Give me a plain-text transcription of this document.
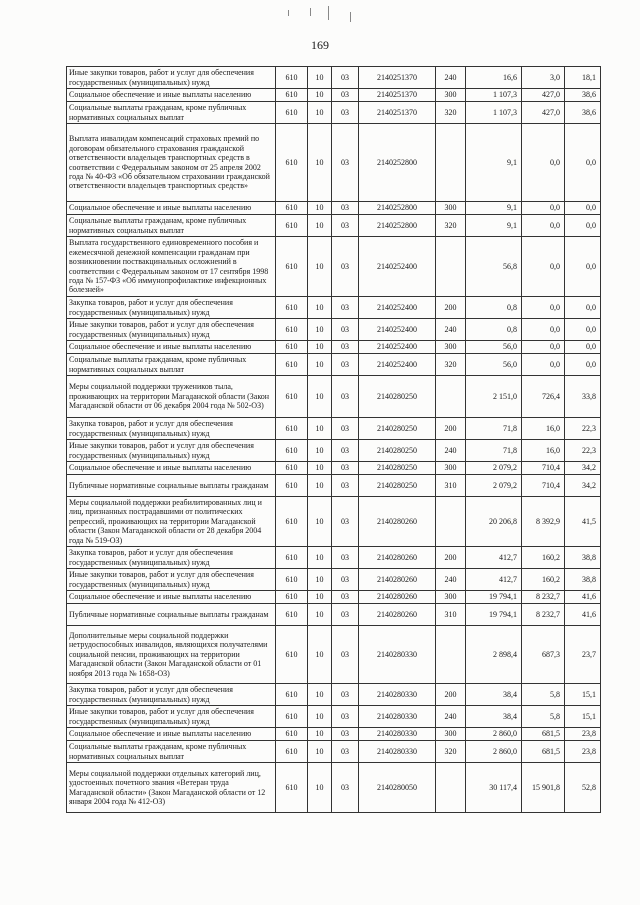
169
Иные закупки товаров, работ и услуг для обеспечения государственных (муниципальных) нужд	610	10	03	2140251370	240	16,6	3,0	18,1
Социальное обеспечение и иные выплаты населению	610	10	03	2140251370	300	1 107,3	427,0	38,6
Социальные выплаты гражданам, кроме публичных нормативных социальных выплат	610	10	03	2140251370	320	1 107,3	427,0	38,6
Выплата инвалидам компенсаций страховых премий по договорам обязательного страхования гражданской ответственности владельцев транспортных средств в соответствии с Федеральным законом от 25 апреля 2002 года № 40-ФЗ «Об обязательном страховании гражданской ответственности владельцев транспортных средств»	610	10	03	2140252800		9,1	0,0	0,0
Социальное обеспечение и иные выплаты населению	610	10	03	2140252800	300	9,1	0,0	0,0
Социальные выплаты гражданам, кроме публичных нормативных социальных выплат	610	10	03	2140252800	320	9,1	0,0	0,0
Выплата государственного единовременного пособия и ежемесячной денежной компенсации гражданам при возникновении поствакцинальных осложнений в соответствии с Федеральным законом от 17 сентября 1998 года № 157-ФЗ «Об иммунопрофилактике инфекционных болезней»	610	10	03	2140252400		56,8	0,0	0,0
Закупка товаров, работ и услуг для обеспечения государственных (муниципальных) нужд	610	10	03	2140252400	200	0,8	0,0	0,0
Иные закупки товаров, работ и услуг для обеспечения государственных (муниципальных) нужд	610	10	03	2140252400	240	0,8	0,0	0,0
Социальное обеспечение и иные выплаты населению	610	10	03	2140252400	300	56,0	0,0	0,0
Социальные выплаты гражданам, кроме публичных нормативных социальных выплат	610	10	03	2140252400	320	56,0	0,0	0,0
Меры социальной поддержки тружеников тыла, проживающих на территории Магаданской области (Закон Магаданской области от 06 декабря 2004 года № 502-ОЗ)	610	10	03	2140280250		2 151,0	726,4	33,8
Закупка товаров, работ и услуг для обеспечения государственных (муниципальных) нужд	610	10	03	2140280250	200	71,8	16,0	22,3
Иные закупки товаров, работ и услуг для обеспечения государственных (муниципальных) нужд	610	10	03	2140280250	240	71,8	16,0	22,3
Социальное обеспечение и иные выплаты населению	610	10	03	2140280250	300	2 079,2	710,4	34,2
Публичные нормативные социальные выплаты гражданам	610	10	03	2140280250	310	2 079,2	710,4	34,2
Меры социальной поддержки реабилитированных лиц и лиц, признанных пострадавшими от политических репрессий, проживающих на территории Магаданской области (Закон Магаданской области от 28 декабря 2004 года № 519-ОЗ)	610	10	03	2140280260		20 206,8	8 392,9	41,5
Закупка товаров, работ и услуг для обеспечения государственных (муниципальных) нужд	610	10	03	2140280260	200	412,7	160,2	38,8
Иные закупки товаров, работ и услуг для обеспечения государственных (муниципальных) нужд	610	10	03	2140280260	240	412,7	160,2	38,8
Социальное обеспечение и иные выплаты населению	610	10	03	2140280260	300	19 794,1	8 232,7	41,6
Публичные нормативные социальные выплаты гражданам	610	10	03	2140280260	310	19 794,1	8 232,7	41,6
Дополнительные меры социальной поддержки нетрудоспособных инвалидов, являющихся получателями социальной пенсии, проживающих на территории Магаданской области (Закон Магаданской области от 01 ноября 2013 года № 1658-ОЗ)	610	10	03	2140280330		2 898,4	687,3	23,7
Закупка товаров, работ и услуг для обеспечения государственных (муниципальных) нужд	610	10	03	2140280330	200	38,4	5,8	15,1
Иные закупки товаров, работ и услуг для обеспечения государственных (муниципальных) нужд	610	10	03	2140280330	240	38,4	5,8	15,1
Социальное обеспечение и иные выплаты населению	610	10	03	2140280330	300	2 860,0	681,5	23,8
Социальные выплаты гражданам, кроме публичных нормативных социальных выплат	610	10	03	2140280330	320	2 860,0	681,5	23,8
Меры социальной поддержки отдельных категорий лиц, удостоенных почетного звания «Ветеран труда Магаданской области» (Закон Магаданской области от 12 января 2004 года № 412-ОЗ)	610	10	03	2140280050		30 117,4	15 901,8	52,8
